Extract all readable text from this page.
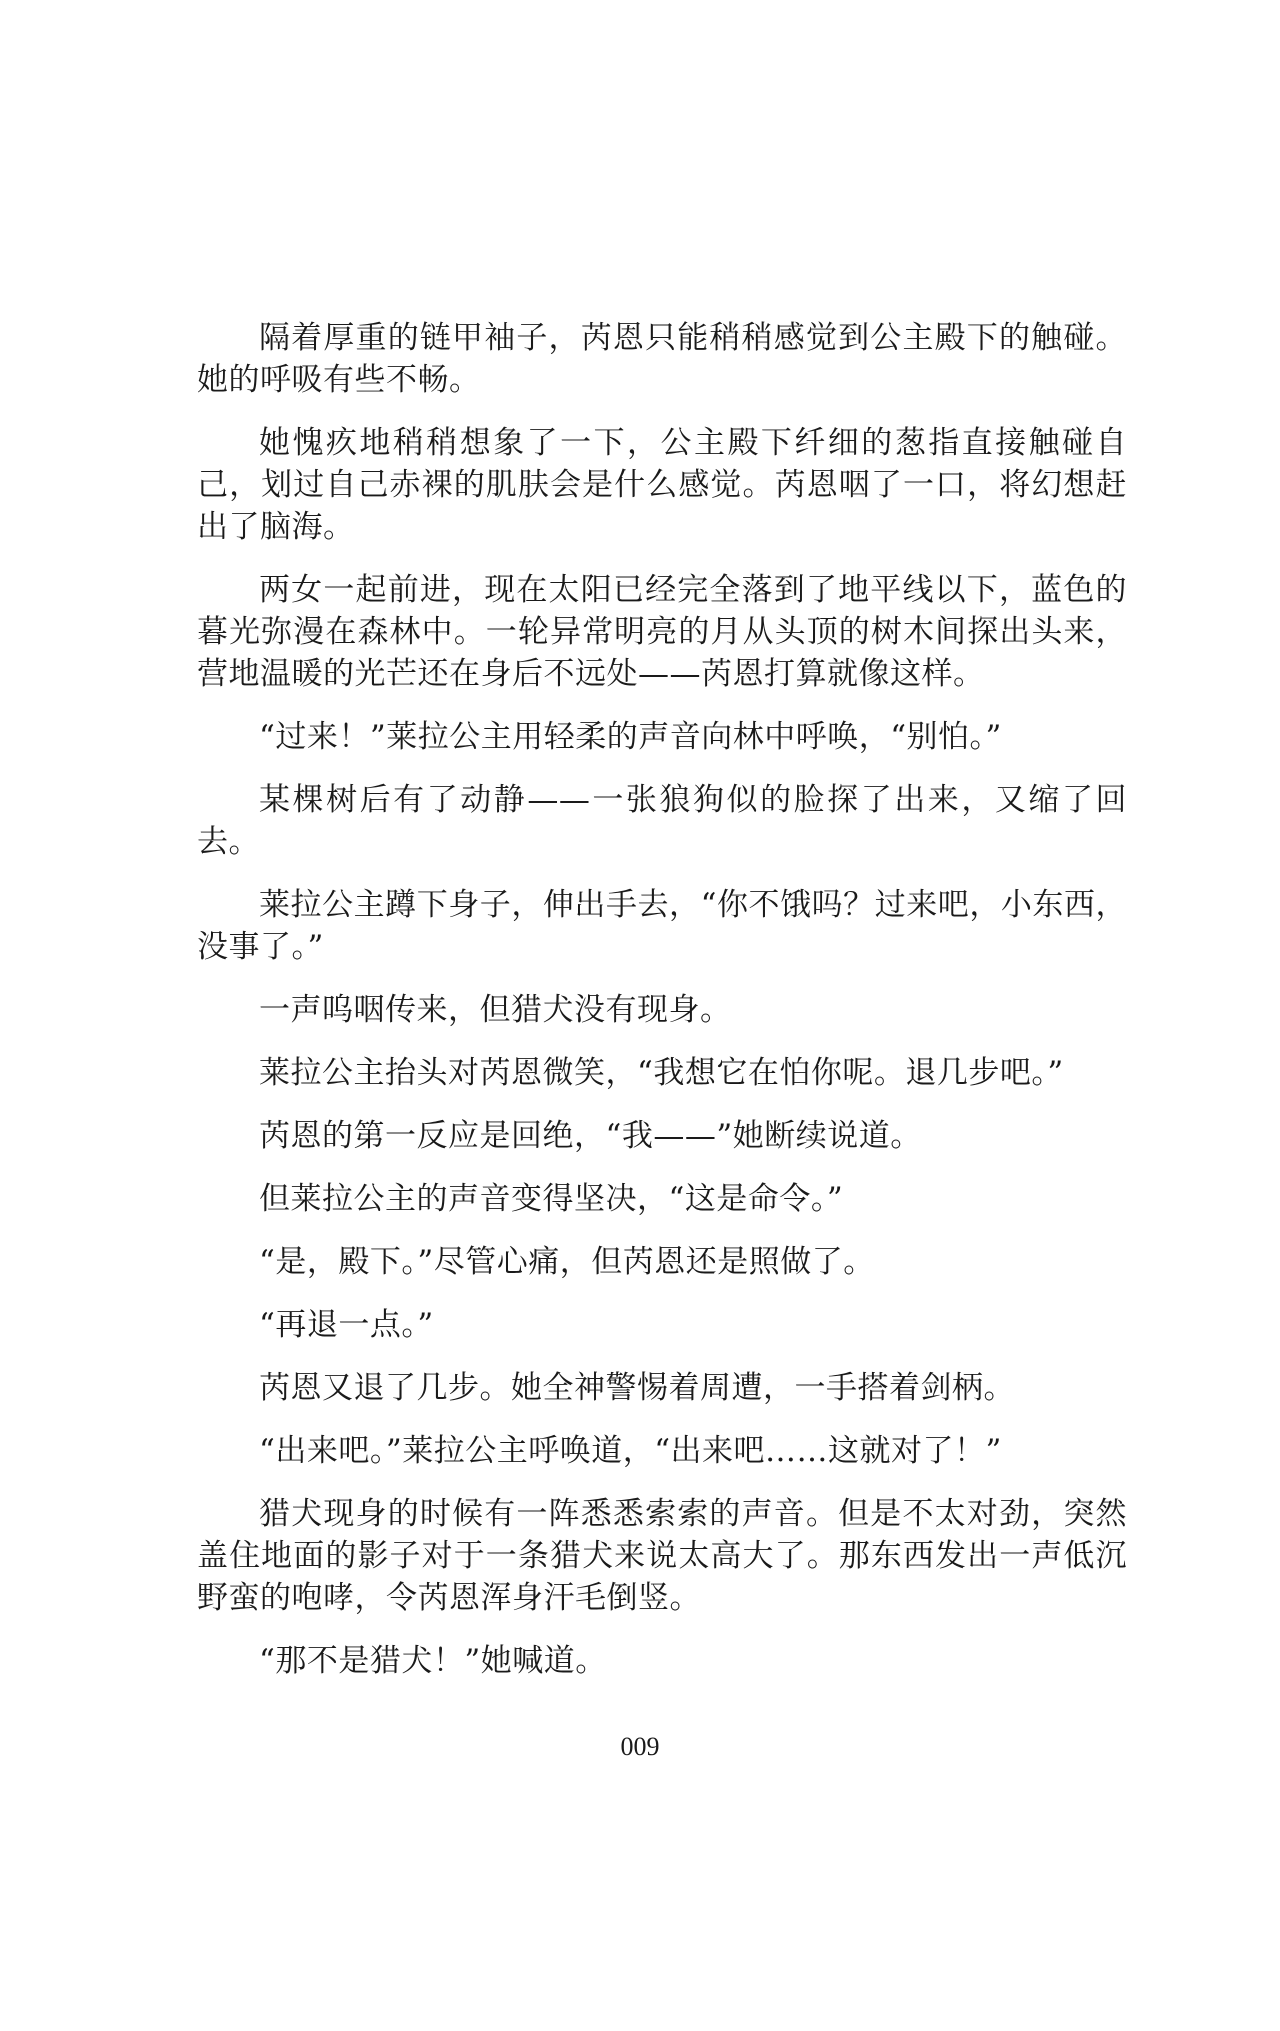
隔着厚重的链甲袖子，芮恩只能稍稍感觉到公主殿下的触碰。她的呼吸有些不畅。

她愧疚地稍稍想象了一下，公主殿下纤细的葱指直接触碰自己，划过自己赤裸的肌肤会是什么感觉。芮恩咽了一口，将幻想赶出了脑海。

两女一起前进，现在太阳已经完全落到了地平线以下，蓝色的暮光弥漫在森林中。一轮异常明亮的月从头顶的树木间探出头来，营地温暖的光芒还在身后不远处——芮恩打算就像这样。

“过来！”莱拉公主用轻柔的声音向林中呼唤，“别怕。”

某棵树后有了动静——一张狼狗似的脸探了出来，又缩了回去。

莱拉公主蹲下身子，伸出手去，“你不饿吗？过来吧，小东西，没事了。”

一声呜咽传来，但猎犬没有现身。

莱拉公主抬头对芮恩微笑，“我想它在怕你呢。退几步吧。”

芮恩的第一反应是回绝，“我——”她断续说道。

但莱拉公主的声音变得坚决，“这是命令。”

“是，殿下。”尽管心痛，但芮恩还是照做了。

“再退一点。”

芮恩又退了几步。她全神警惕着周遭，一手搭着剑柄。

“出来吧。”莱拉公主呼唤道，“出来吧……这就对了！”

猎犬现身的时候有一阵悉悉索索的声音。但是不太对劲，突然盖住地面的影子对于一条猎犬来说太高大了。那东西发出一声低沉野蛮的咆哮，令芮恩浑身汗毛倒竖。

“那不是猎犬！”她喊道。

009
